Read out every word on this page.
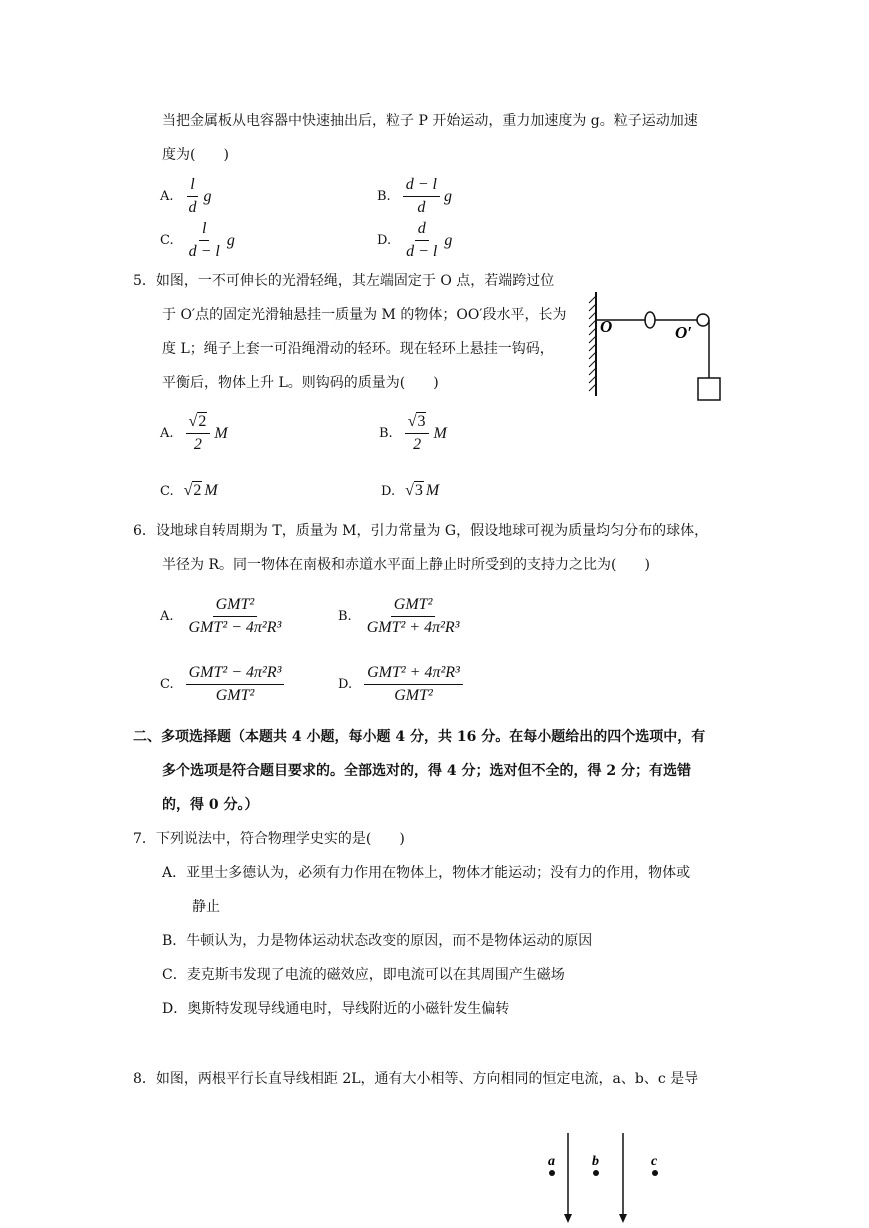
当把金属板从电容器中快速抽出后，粒子 P 开始运动，重力加速度为 g。粒子运动加速
度为(　　)
A. $\frac{l}{d}$ g	B. $\frac{d - l}{d}$ g
C. $\frac{l}{d - l}$ g	D. $\frac{d}{d - l}$ g
5．如图，一不可伸长的光滑轻绳，其左端固定于 O 点，若端跨过位
于 O′点的固定光滑轴悬挂一质量为 M 的物体；OO′段水平，长为
度 L；绳子上套一可沿绳滑动的轻环。现在轻环上悬挂一钩码，
平衡后，物体上升 L。则钩码的质量为(　　)
O	O′
A. $\frac{√2}{2}$ M	B. $\frac{√3}{2}$ M
C. √2 M	D. √3 M
6．设地球自转周期为 T，质量为 M，引力常量为 G，假设地球可视为质量均匀分布的球体，
半径为 R。同一物体在南极和赤道水平面上静止时所受到的支持力之比为(　　)
A. $\frac{\text{GMT²}}{\text{GMT² − 4π²R³}}$	B. $\frac{\text{GMT²}}{\text{GMT² + 4π²R³}}$
C. $\frac{\text{GMT² − 4π²R³}}{\text{GMT²}}$	D. $\frac{\text{GMT² + 4π²R³}}{\text{GMT²}}$
二、多项选择题（本题共 4 小题，每小题 4 分，共 16 分。在每小题给出的四个选项中，有
多个选项是符合题目要求的。全部选对的，得 4 分；选对但不全的，得 2 分；有选错
的，得 0 分。）
7．下列说法中，符合物理学史实的是(　　)
A．亚里士多德认为，必须有力作用在物体上，物体才能运动；没有力的作用，物体或
静止
B．牛顿认为，力是物体运动状态改变的原因，而不是物体运动的原因
C．麦克斯韦发现了电流的磁效应，即电流可以在其周围产生磁场
D．奥斯特发现导线通电时，导线附近的小磁针发生偏转
8．如图，两根平行长直导线相距 2L，通有大小相等、方向相同的恒定电流，a、b、c 是导
a	b	c
